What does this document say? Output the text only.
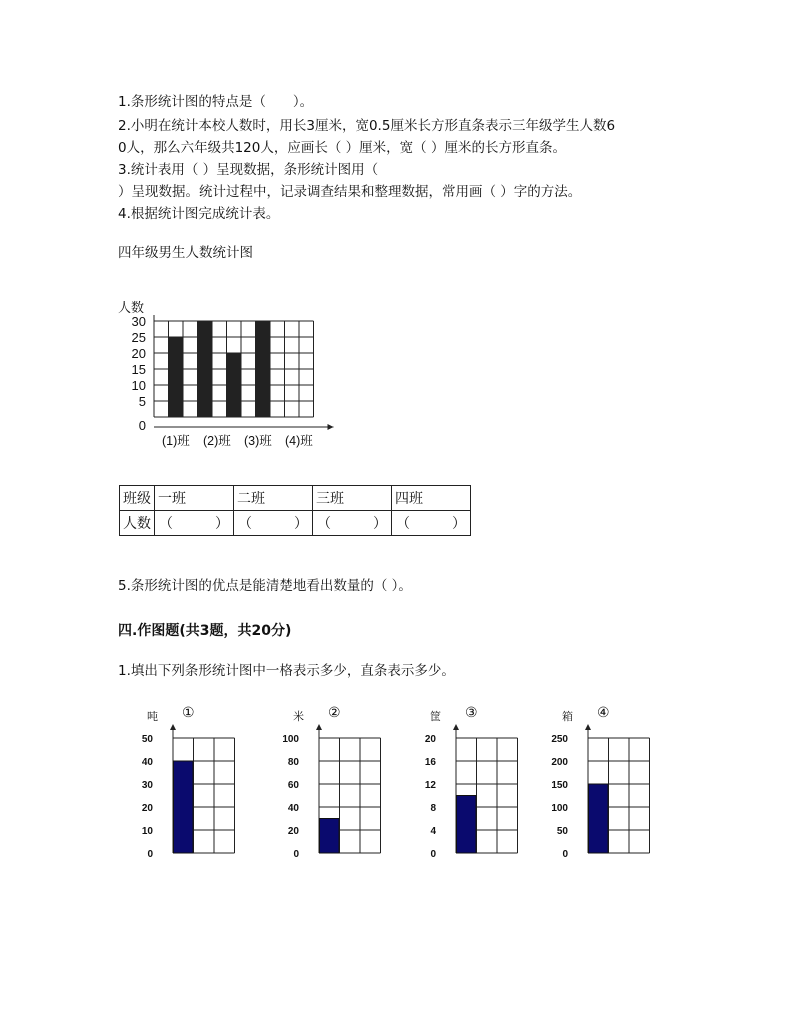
1.条形统计图的特点是（　　）。
2.小明在统计本校人数时，用长3厘米，宽0.5厘米长方形直条表示三年级学生人数6
0人，那么六年级共120人，应画长（ ）厘米，宽（ ）厘米的长方形直条。
3.统计表用（ ）呈现数据，条形统计图用（
）呈现数据。统计过程中，记录调查结果和整理数据，常用画（ ）字的方法。
4.根据统计图完成统计表。
四年级男生人数统计图
人数
30
25
20
15
10
5
0
(1)班 (2)班 (3)班 (4)班
班级	一班	二班	三班	四班
人数	（　　　）	（　　　）	（　　　）	（　　　）
5.条形统计图的优点是能清楚地看出数量的（ ）。
四.作图题(共3题，共20分)
1.填出下列条形统计图中一格表示多少，直条表示多少。
吨 ①
50
40
30
20
10
0
米 ②
100
80
60
40
20
0
筐 ③
20
16
12
8
4
0
箱 ④
250
200
150
100
50
0
